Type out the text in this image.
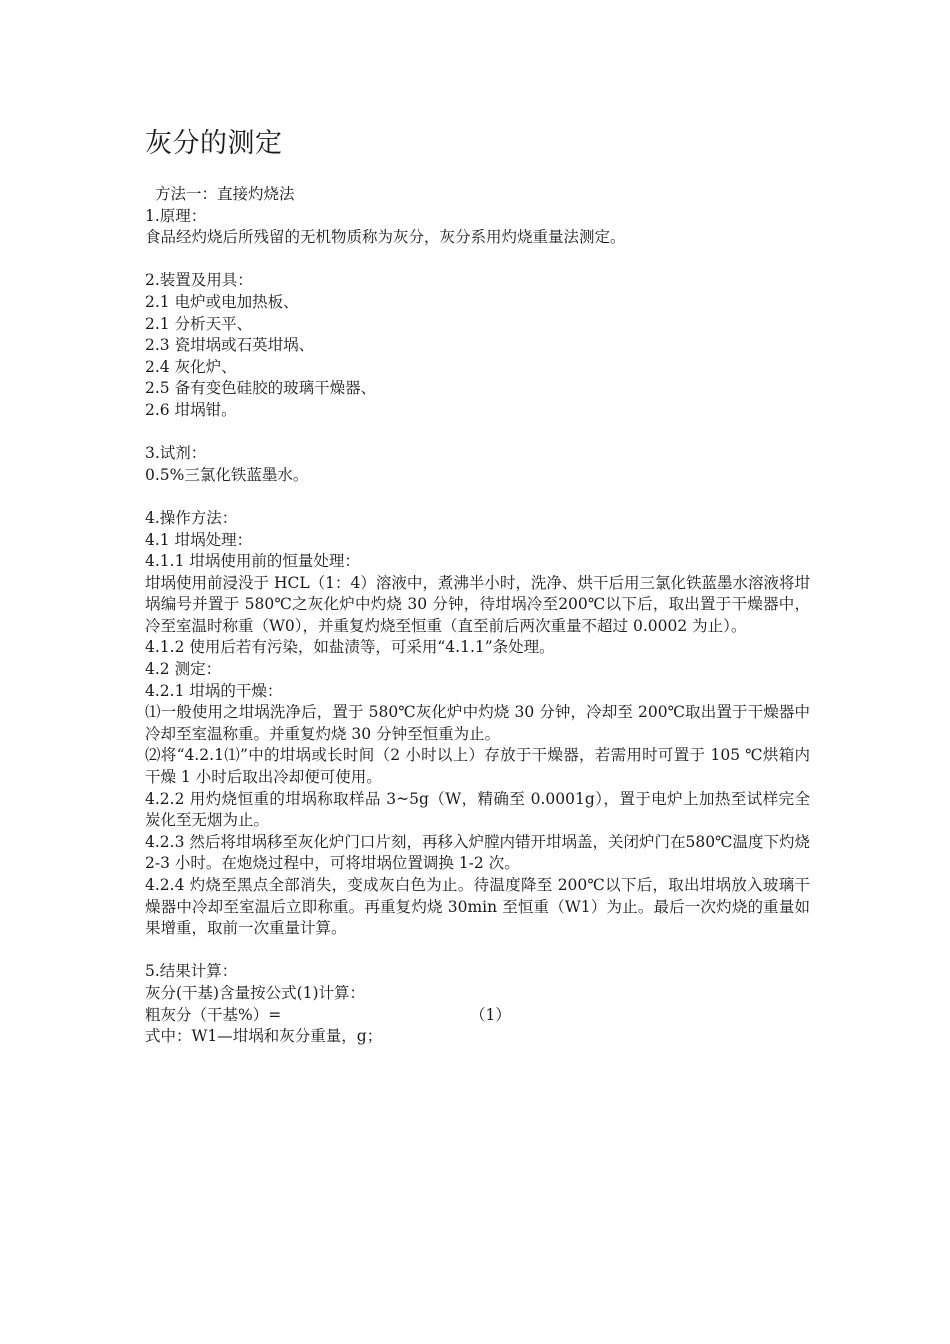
灰分的测定
方法一：直接灼烧法
1.原理：
食品经灼烧后所残留的无机物质称为灰分，灰分系用灼烧重量法测定。
2.装置及用具：
2.1 电炉或电加热板、
2.1 分析天平、
2.3 瓷坩埚或石英坩埚、
2.4 灰化炉、
2.5 备有变色硅胶的玻璃干燥器、
2.6 坩埚钳。
3.试剂：
0.5%三氯化铁蓝墨水。
4.操作方法：
4.1 坩埚处理：
4.1.1 坩埚使用前的恒量处理：
坩埚使用前浸没于 HCL（1：4）溶液中，煮沸半小时，洗净、烘干后用三氯化铁蓝墨水溶液将坩埚编号并置于 580℃之灰化炉中灼烧 30 分钟，待坩埚冷至200℃以下后，取出置于干燥器中，冷至室温时称重（W0），并重复灼烧至恒重（直至前后两次重量不超过 0.0002 为止）。
4.1.2 使用后若有污染，如盐渍等，可采用“4.1.1”条处理。
4.2 测定：
4.2.1 坩埚的干燥：
⑴一般使用之坩埚洗净后，置于 580℃灰化炉中灼烧 30 分钟，冷却至 200℃取出置于干燥器中冷却至室温称重。并重复灼烧 30 分钟至恒重为止。
⑵将“4.2.1⑴”中的坩埚或长时间（2 小时以上）存放于干燥器，若需用时可置于 105 ℃烘箱内干燥 1 小时后取出冷却便可使用。
4.2.2 用灼烧恒重的坩埚称取样品 3~5g（W，精确至 0.0001g），置于电炉上加热至试样完全炭化至无烟为止。
4.2.3 然后将坩埚移至灰化炉门口片刻，再移入炉膛内错开坩埚盖，关闭炉门在580℃温度下灼烧 2-3 小时。在炮烧过程中，可将坩埚位置调换 1-2 次。
4.2.4 灼烧至黑点全部消失，变成灰白色为止。待温度降至 200℃以下后，取出坩埚放入玻璃干燥器中冷却至室温后立即称重。再重复灼烧 30min 至恒重（W1）为止。最后一次灼烧的重量如果增重，取前一次重量计算。
5.结果计算：
灰分(干基)含量按公式(1)计算：
粗灰分（干基%）=	（1）
式中：W1—坩埚和灰分重量，g；
